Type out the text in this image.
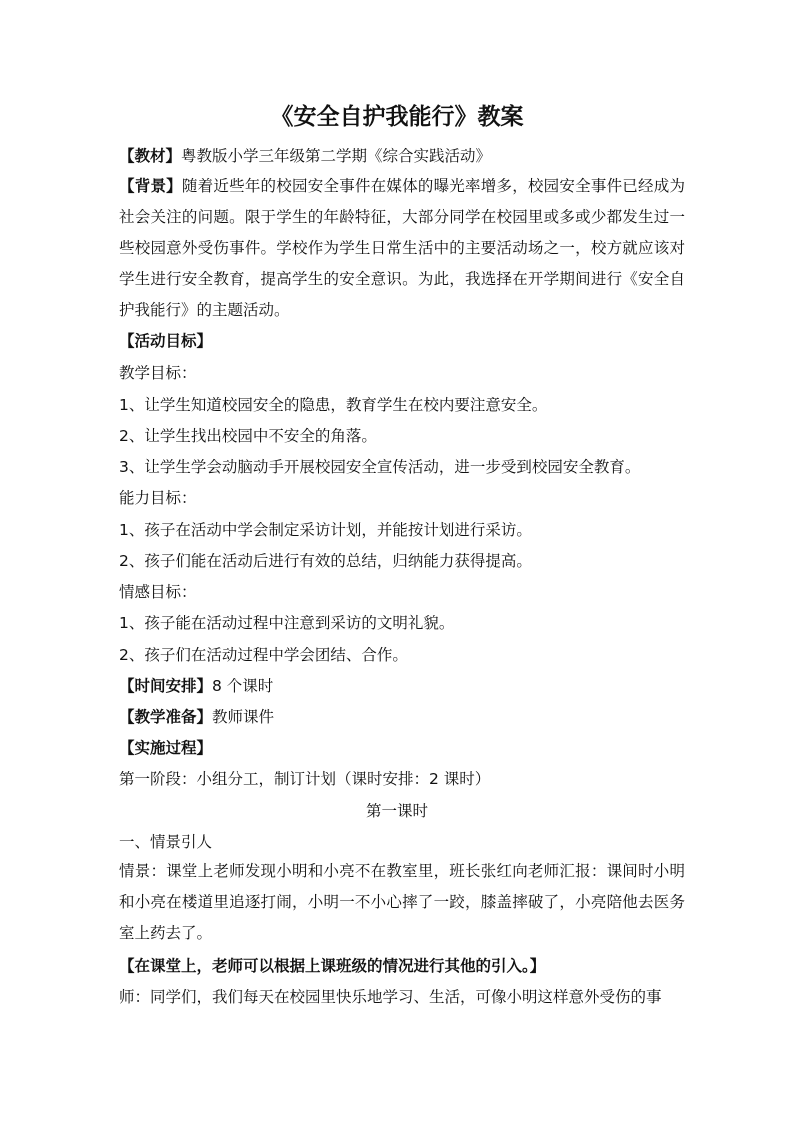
《安全自护我能行》教案
【教材】粤教版小学三年级第二学期《综合实践活动》
【背景】随着近些年的校园安全事件在媒体的曝光率增多，校园安全事件已经成为社会关注的问题。限于学生的年龄特征，大部分同学在校园里或多或少都发生过一些校园意外受伤事件。学校作为学生日常生活中的主要活动场之一，校方就应该对学生进行安全教育，提高学生的安全意识。为此，我选择在开学期间进行《安全自护我能行》的主题活动。
【活动目标】
教学目标：
1、让学生知道校园安全的隐患，教育学生在校内要注意安全。
2、让学生找出校园中不安全的角落。
3、让学生学会动脑动手开展校园安全宣传活动，进一步受到校园安全教育。
能力目标：
1、孩子在活动中学会制定采访计划，并能按计划进行采访。
2、孩子们能在活动后进行有效的总结，归纳能力获得提高。
情感目标：
1、孩子能在活动过程中注意到采访的文明礼貌。
2、孩子们在活动过程中学会团结、合作。
【时间安排】8 个课时
【教学准备】教师课件
【实施过程】
第一阶段：小组分工，制订计划（课时安排：2 课时）
第一课时
一、情景引人
情景：课堂上老师发现小明和小亮不在教室里，班长张红向老师汇报：课间时小明和小亮在楼道里追逐打闹，小明一不小心摔了一跤，膝盖摔破了，小亮陪他去医务室上药去了。
【在课堂上，老师可以根据上课班级的情况进行其他的引入。】
师：同学们，我们每天在校园里快乐地学习、生活，可像小明这样意外受伤的事
